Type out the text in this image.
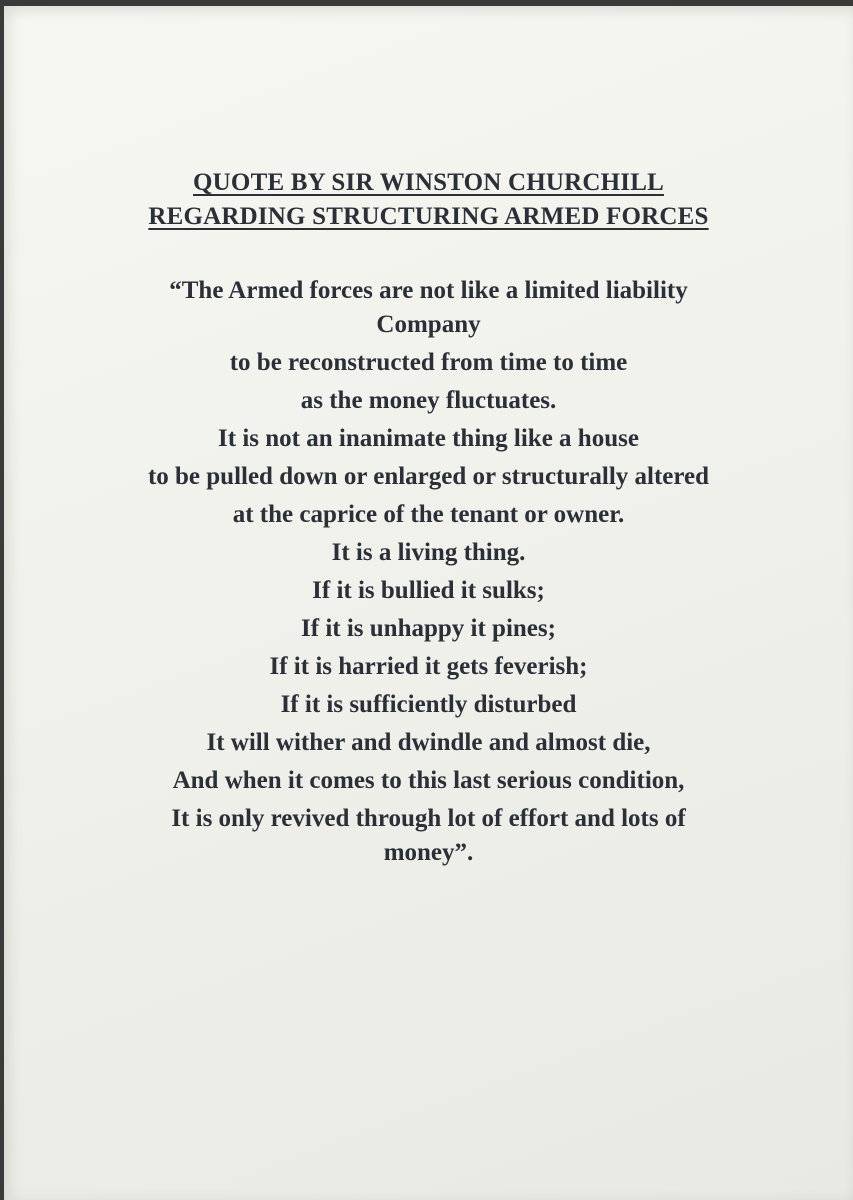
QUOTE BY SIR WINSTON CHURCHILL
REGARDING STRUCTURING ARMED FORCES
“The Armed forces are not like a limited liability
Company
to be reconstructed from time to time
as the money fluctuates.
It is not an inanimate thing like a house
to be pulled down or enlarged or structurally altered
at the caprice of the tenant or owner.
It is a living thing.
If it is bullied it sulks;
If it is unhappy it pines;
If it is harried it gets feverish;
If it is sufficiently disturbed
It will wither and dwindle and almost die,
And when it comes to this last serious condition,
It is only revived through lot of effort and lots of
money”.
